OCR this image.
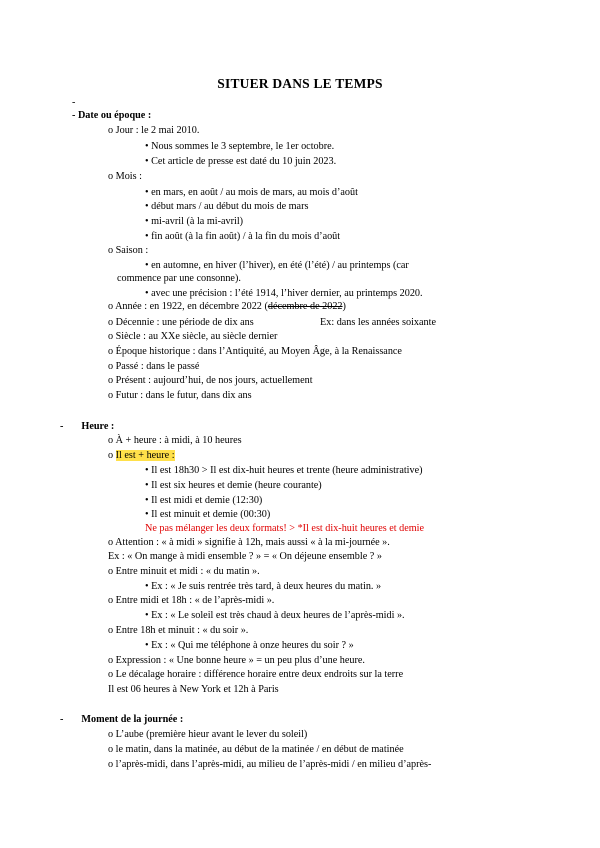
SITUER DANS LE TEMPS
-
- Date ou époque :
o Jour : le 2 mai 2010.
• Nous sommes le 3 septembre, le 1er octobre.
• Cet article de presse est daté du 10 juin 2023.
o Mois :
• en mars, en août / au mois de mars, au mois d’août
• début mars / au début du mois de mars
• mi-avril (à la mi-avril)
• fin août (à la fin août) / à la fin du mois d’août
o Saison :
• en automne, en hiver (l’hiver), en été (l’été) / au printemps (car
commence par une consonne).
• avec une précision : l’été 1914, l’hiver dernier, au printemps 2020.
o Année : en 1922, en décembre 2022 (décembre de 2022)
o Décennie : une période de dix ans	Ex: dans les années soixante
o Siècle : au XXe siècle, au siècle dernier
o Époque historique : dans l’Antiquité, au Moyen Âge, à la Renaissance
o Passé : dans le passé
o Présent : aujourd’hui, de nos jours, actuellement
o Futur : dans le futur, dans dix ans
- Heure :
o À + heure : à midi, à 10 heures
o Il est + heure :
• Il est 18h30 > Il est dix-huit heures et trente (heure administrative)
• Il est six heures et demie (heure courante)
• Il est midi et demie (12:30)
• Il est minuit et demie (00:30)
Ne pas mélanger les deux formats! > *Il est dix-huit heures et demie
o Attention : « à midi » signifie à 12h, mais aussi « à la mi-journée ».
Ex : « On mange à midi ensemble ? » = « On déjeune ensemble ? »
o Entre minuit et midi : « du matin ».
• Ex : « Je suis rentrée très tard, à deux heures du matin. »
o Entre midi et 18h : « de l’après-midi ».
• Ex : « Le soleil est très chaud à deux heures de l’après-midi ».
o Entre 18h et minuit : « du soir ».
• Ex : « Qui me téléphone à onze heures du soir ? »
o Expression : « Une bonne heure » = un peu plus d’une heure.
o Le décalage horaire : différence horaire entre deux endroits sur la terre
Il est 06 heures à New York et 12h à Paris
- Moment de la journée :
o L’aube (première hieur avant le lever du soleil)
o le matin, dans la matinée, au début de la matinée / en début de matinée
o l’après-midi, dans l’après-midi, au milieu de l’après-midi / en milieu d’après-
